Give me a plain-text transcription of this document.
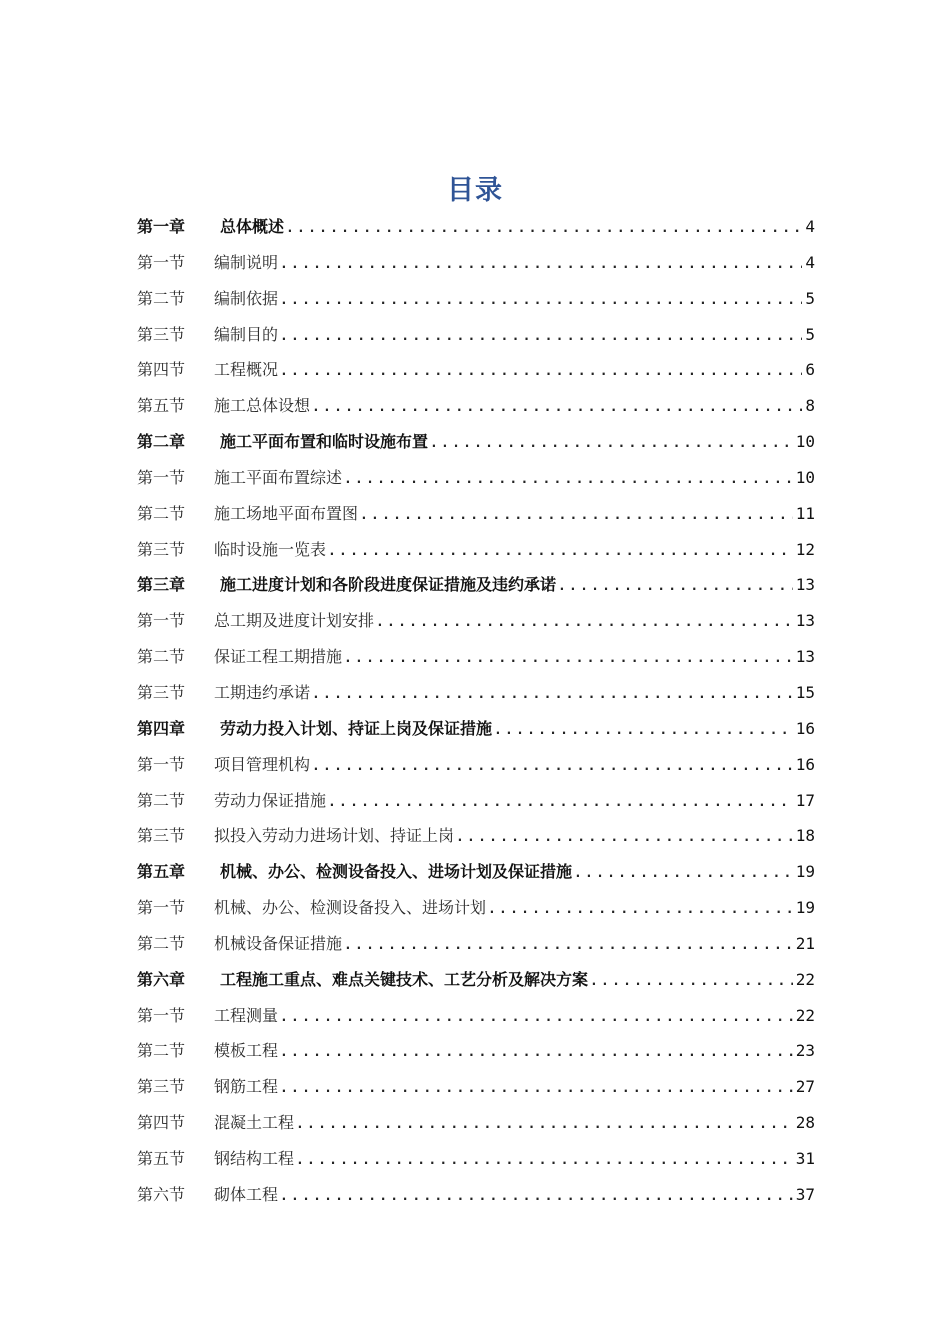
目录
第一章	总体概述 .....	4
第一节	编制说明 .....	4
第二节	编制依据 .....	5
第三节	编制目的 .....	5
第四节	工程概况 .....	6
第五节	施工总体设想 .....	8
第二章	施工平面布置和临时设施布置 .....	10
第一节	施工平面布置综述 .....	10
第二节	施工场地平面布置图 .....	11
第三节	临时设施一览表 .....	12
第三章	施工进度计划和各阶段进度保证措施及违约承诺 .....	13
第一节	总工期及进度计划安排 .....	13
第二节	保证工程工期措施 .....	13
第三节	工期违约承诺 .....	15
第四章	劳动力投入计划、持证上岗及保证措施 .....	16
第一节	项目管理机构 .....	16
第二节	劳动力保证措施 .....	17
第三节	拟投入劳动力进场计划、持证上岗 .....	18
第五章	机械、办公、检测设备投入、进场计划及保证措施 .....	19
第一节	机械、办公、检测设备投入、进场计划 .....	19
第二节	机械设备保证措施 .....	21
第六章	工程施工重点、难点关键技术、工艺分析及解决方案 .....	22
第一节	工程测量 .....	22
第二节	模板工程 .....	23
第三节	钢筋工程 .....	27
第四节	混凝土工程 .....	28
第五节	钢结构工程 .....	31
第六节	砌体工程 .....	37
